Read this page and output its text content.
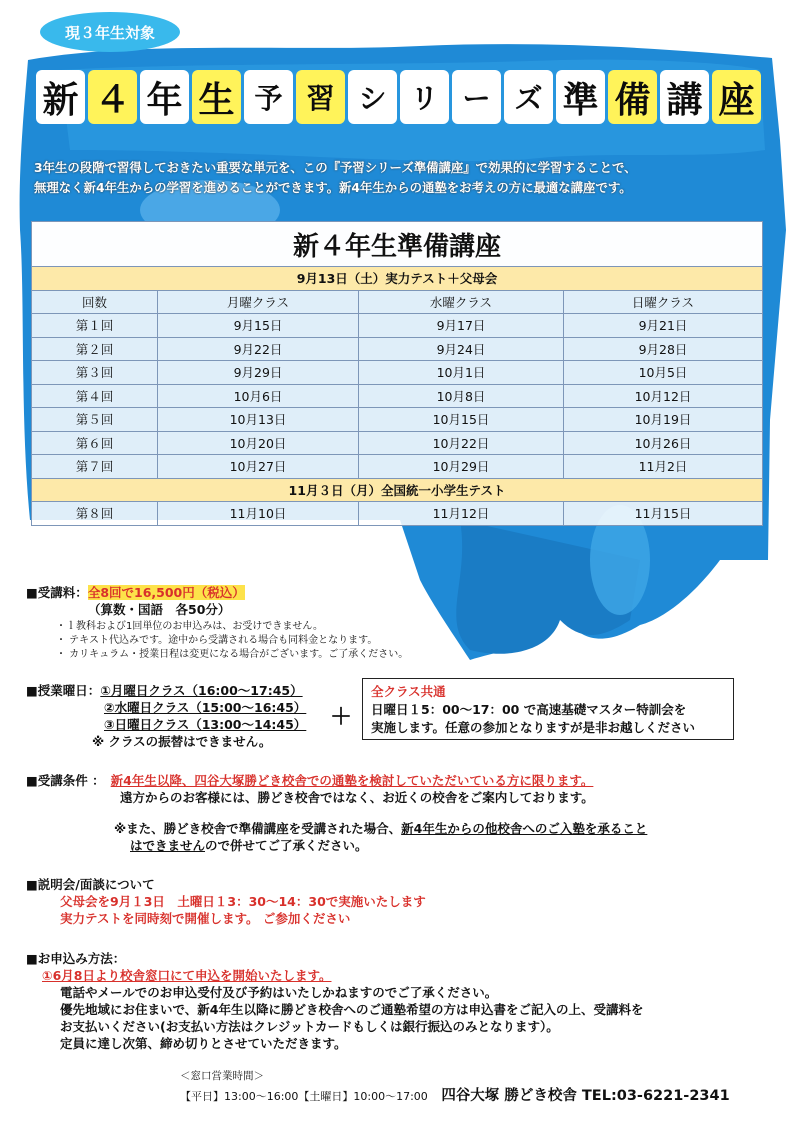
現３年生対象
新 ４ 年 生 予 習 シ リ ー ズ 準 備 講 座
3年生の段階で習得しておきたい重要な単元を、この『予習シリーズ準備講座』で効果的に学習することで、
無理なく新4年生からの学習を進めることができます。新4年生からの通塾をお考えの方に最適な講座です。
新４年生準備講座			
9月13日（土）実力テスト＋父母会			
回数	月曜クラス	水曜クラス	日曜クラス
第１回	9月15日	9月17日	9月21日
第２回	9月22日	9月24日	9月28日
第３回	9月29日	10月1日	10月5日
第４回	10月6日	10月8日	10月12日
第５回	10月13日	10月15日	10月19日
第６回	10月20日	10月22日	10月26日
第７回	10月27日	10月29日	11月2日
11月３日（月）全国統一小学生テスト			
第８回	11月10日	11月12日	11月15日
■受講料：全8回で16,500円（税込）
（算数・国語　各50分）
・ｌ教科および1回単位のお申込みは、お受けできません。
・ テキスト代込みです。途中から受講される場合も同料金となります。
・ カリキュラム・授業日程は変更になる場合がございます。ご了承ください。
■授業曜日：①月曜日クラス（16:00～17:45）
②水曜日クラス（15:00～16:45）
③日曜日クラス（13:00～14:45）
※ クラスの振替はできません。
＋
全クラス共通
日曜日１5：00～17：00 で高速基礎マスター特訓会を
実施します。任意の参加となりますが是非お越しください
■受講条件 ： 新4年生以降、四谷大塚勝どき校舎での通塾を検討していただいている方に限ります。
遠方からのお客様には、勝どき校舎ではなく、お近くの校舎をご案内しております。
※また、勝どき校舎で準備講座を受講された場合、新4年生からの他校舎へのご入塾を承ること
はできませんので併せてご了承ください。
■説明会/面談について
父母会を9月１3日　土曜日１3：30～14：30で実施いたします
実力テストを同時刻で開催します。 ご参加ください
■お申込み方法：
①6月8日より校舎窓口にて申込を開始いたします。
電話やメールでのお申込受付及び予約はいたしかねますのでご了承ください。
優先地域にお住まいで、新4年生以降に勝どき校舎へのご通塾希望の方は申込書をご記入の上、受講料を
お支払いください(お支払い方法はクレジットカードもしくは銀行振込のみとなります）。
定員に達し次第、締め切りとさせていただきます。
＜窓口営業時間＞
【平日】13:00～16:00【土曜日】10:00～17:00 四谷大塚 勝どき校舎 TEL:03-6221-2341
